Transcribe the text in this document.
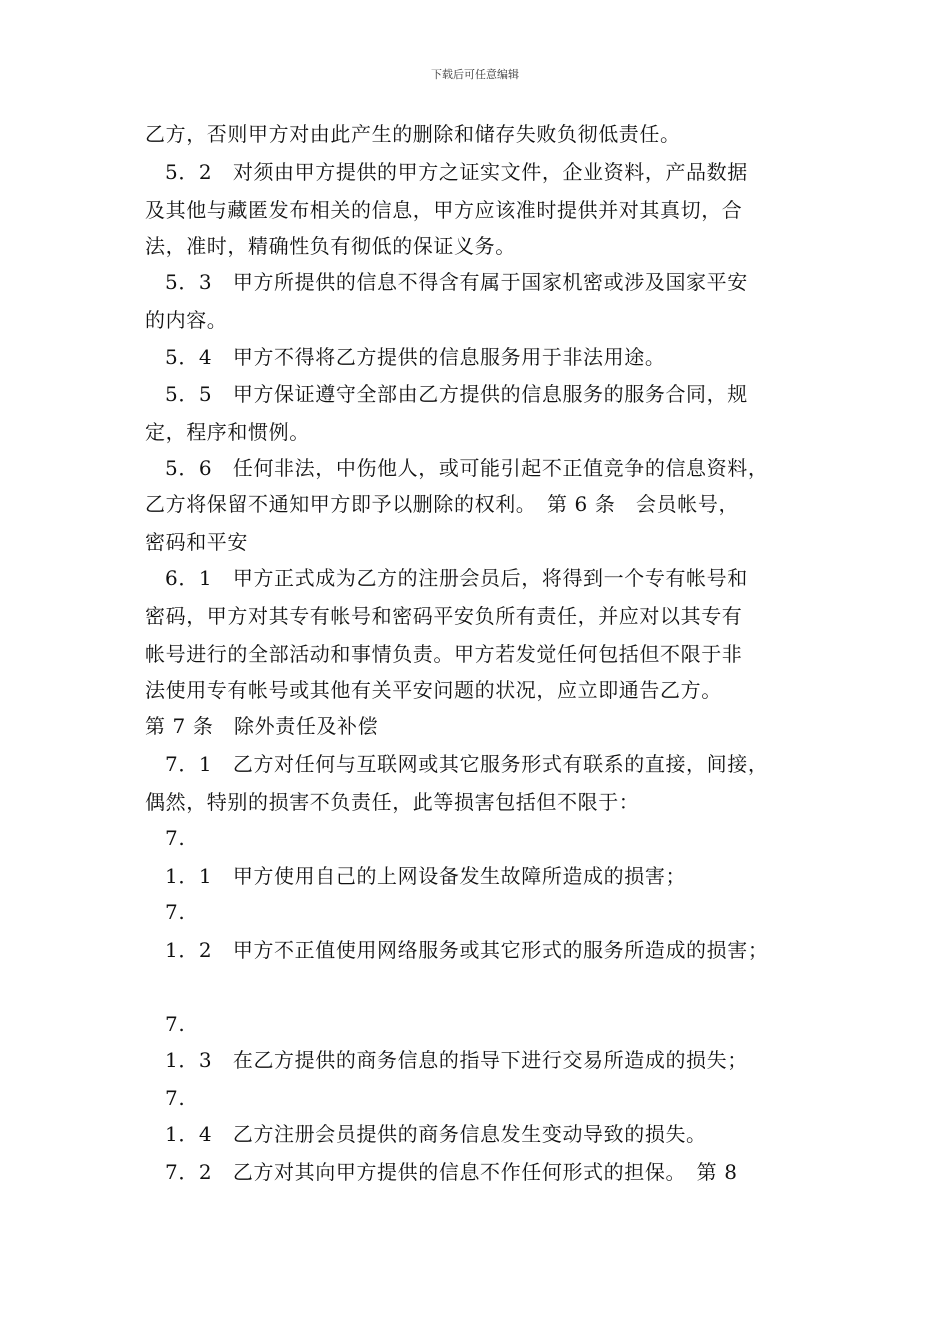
下载后可任意编辑
乙方，否则甲方对由此产生的删除和储存失败负彻低责任。
5．2　对须由甲方提供的甲方之证实文件，企业资料，产品数据
及其他与藏匿发布相关的信息，甲方应该准时提供并对其真切，合
法，准时，精确性负有彻低的保证义务。
5．3　甲方所提供的信息不得含有属于国家机密或涉及国家平安
的内容。
5．4　甲方不得将乙方提供的信息服务用于非法用途。
5．5　甲方保证遵守全部由乙方提供的信息服务的服务合同，规
定，程序和惯例。
5．6　任何非法，中伤他人，或可能引起不正值竞争的信息资料，
乙方将保留不通知甲方即予以删除的权利。　第 6 条　会员帐号，
密码和平安
6．1　甲方正式成为乙方的注册会员后，将得到一个专有帐号和
密码，甲方对其专有帐号和密码平安负所有责任，并应对以其专有
帐号进行的全部活动和事情负责。甲方若发觉任何包括但不限于非
法使用专有帐号或其他有关平安问题的状况，应立即通告乙方。
第 7 条　除外责任及补偿
7．1　乙方对任何与互联网或其它服务形式有联系的直接，间接，
偶然，特别的损害不负责任，此等损害包括但不限于：
7.
1．1　甲方使用自己的上网设备发生故障所造成的损害；
7.
1．2　甲方不正值使用网络服务或其它形式的服务所造成的损害；
7.
1．3　在乙方提供的商务信息的指导下进行交易所造成的损失；
7.
1．4　乙方注册会员提供的商务信息发生变动导致的损失。
7．2　乙方对其向甲方提供的信息不作任何形式的担保。　第 8
